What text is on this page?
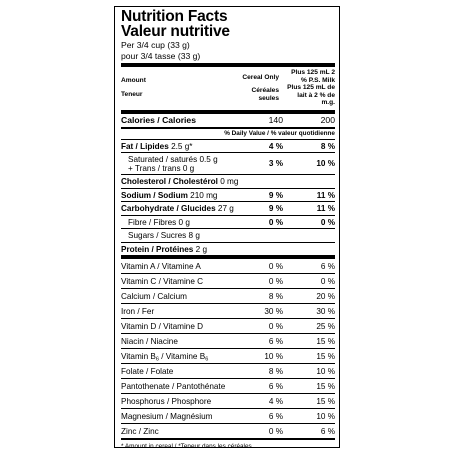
Nutrition Facts
Valeur nutritive
Per 3/4 cup (33 g)
pour 3/4 tasse (33 g)
Amount
Teneur
Cereal Only
Céréales seules
Plus 125 mL 2 % P.S. Milk
Plus 125 mL de lait à 2 % de m.g.
Calories / Calories	140	200
% Daily Value / % valeur quotidienne
Fat / Lipides 2.5 g*	4 %	8 %
Saturated / saturés 0.5 g
+ Trans / trans 0 g
3 %	10 %
Cholesterol / Cholestérol 0 mg
Sodium / Sodium 210 mg	9 %	11 %
Carbohydrate / Glucides 27 g	9 %	11 %
Fibre / Fibres 0 g	0 %	0 %
Sugars / Sucres 8 g
Protein / Protéines 2 g
Vitamin A / Vitamine A	0 %	6 %
Vitamin C / Vitamine C	0 %	0 %
Calcium / Calcium	8 %	20 %
Iron / Fer	30 %	30 %
Vitamin D / Vitamine D	0 %	25 %
Niacin / Niacine	6 %	15 %
Vitamin $B_6$ / Vitamine $B_6$	10 %	15 %
Folate / Folate	8 %	10 %
Pantothenate / Pantothénate	6 %	15 %
Phosphorus / Phosphore	4 %	15 %
Magnesium / Magnésium	6 %	10 %
Zinc / Zinc	0 %	6 %
* Amount in cereal / *Teneur dans les céréales
